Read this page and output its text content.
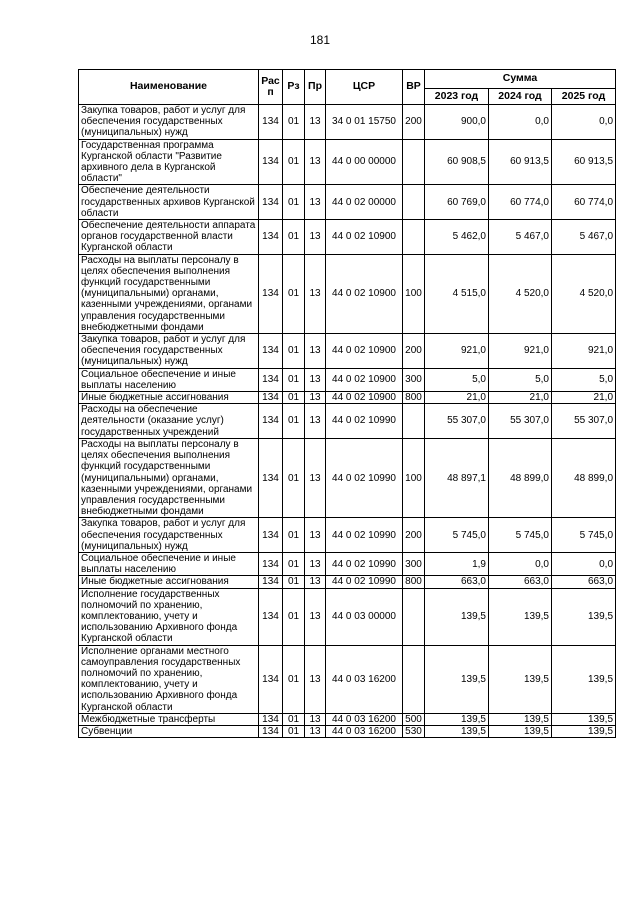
181
Наименование	Рас п	Рз	Пр	ЦСР	ВР	Сумма		
						2023 год	2024 год	2025 год
Закупка товаров, работ и услуг для обеспечения государственных (муниципальных) нужд	134	01	13	34 0 01 15750	200	900,0	0,0	0,0
Государственная программа Курганской области "Развитие архивного дела в Курганской области"	134	01	13	44 0 00 00000		60 908,5	60 913,5	60 913,5
Обеспечение деятельности государственных архивов Курганской области	134	01	13	44 0 02 00000		60 769,0	60 774,0	60 774,0
Обеспечение деятельности аппарата органов государственной власти Курганской области	134	01	13	44 0 02 10900		5 462,0	5 467,0	5 467,0
Расходы на выплаты персоналу в целях обеспечения выполнения функций государственными (муниципальными) органами, казенными учреждениями, органами управления государственными внебюджетными фондами	134	01	13	44 0 02 10900	100	4 515,0	4 520,0	4 520,0
Закупка товаров, работ и услуг для обеспечения государственных (муниципальных) нужд	134	01	13	44 0 02 10900	200	921,0	921,0	921,0
Социальное обеспечение и иные выплаты населению	134	01	13	44 0 02 10900	300	5,0	5,0	5,0
Иные бюджетные ассигнования	134	01	13	44 0 02 10900	800	21,0	21,0	21,0
Расходы на обеспечение деятельности (оказание услуг) государственных учреждений	134	01	13	44 0 02 10990		55 307,0	55 307,0	55 307,0
Расходы на выплаты персоналу в целях обеспечения выполнения функций государственными (муниципальными) органами, казенными учреждениями, органами управления государственными внебюджетными фондами	134	01	13	44 0 02 10990	100	48 897,1	48 899,0	48 899,0
Закупка товаров, работ и услуг для обеспечения государственных (муниципальных) нужд	134	01	13	44 0 02 10990	200	5 745,0	5 745,0	5 745,0
Социальное обеспечение и иные выплаты населению	134	01	13	44 0 02 10990	300	1,9	0,0	0,0
Иные бюджетные ассигнования	134	01	13	44 0 02 10990	800	663,0	663,0	663,0
Исполнение государственных полномочий по хранению, комплектованию, учету и использованию Архивного фонда Курганской области	134	01	13	44 0 03 00000		139,5	139,5	139,5
Исполнение органами местного самоуправления государственных полномочий по хранению, комплектованию, учету и использованию Архивного фонда Курганской области	134	01	13	44 0 03 16200		139,5	139,5	139,5
Межбюджетные трансферты	134	01	13	44 0 03 16200	500	139,5	139,5	139,5
Субвенции	134	01	13	44 0 03 16200	530	139,5	139,5	139,5
